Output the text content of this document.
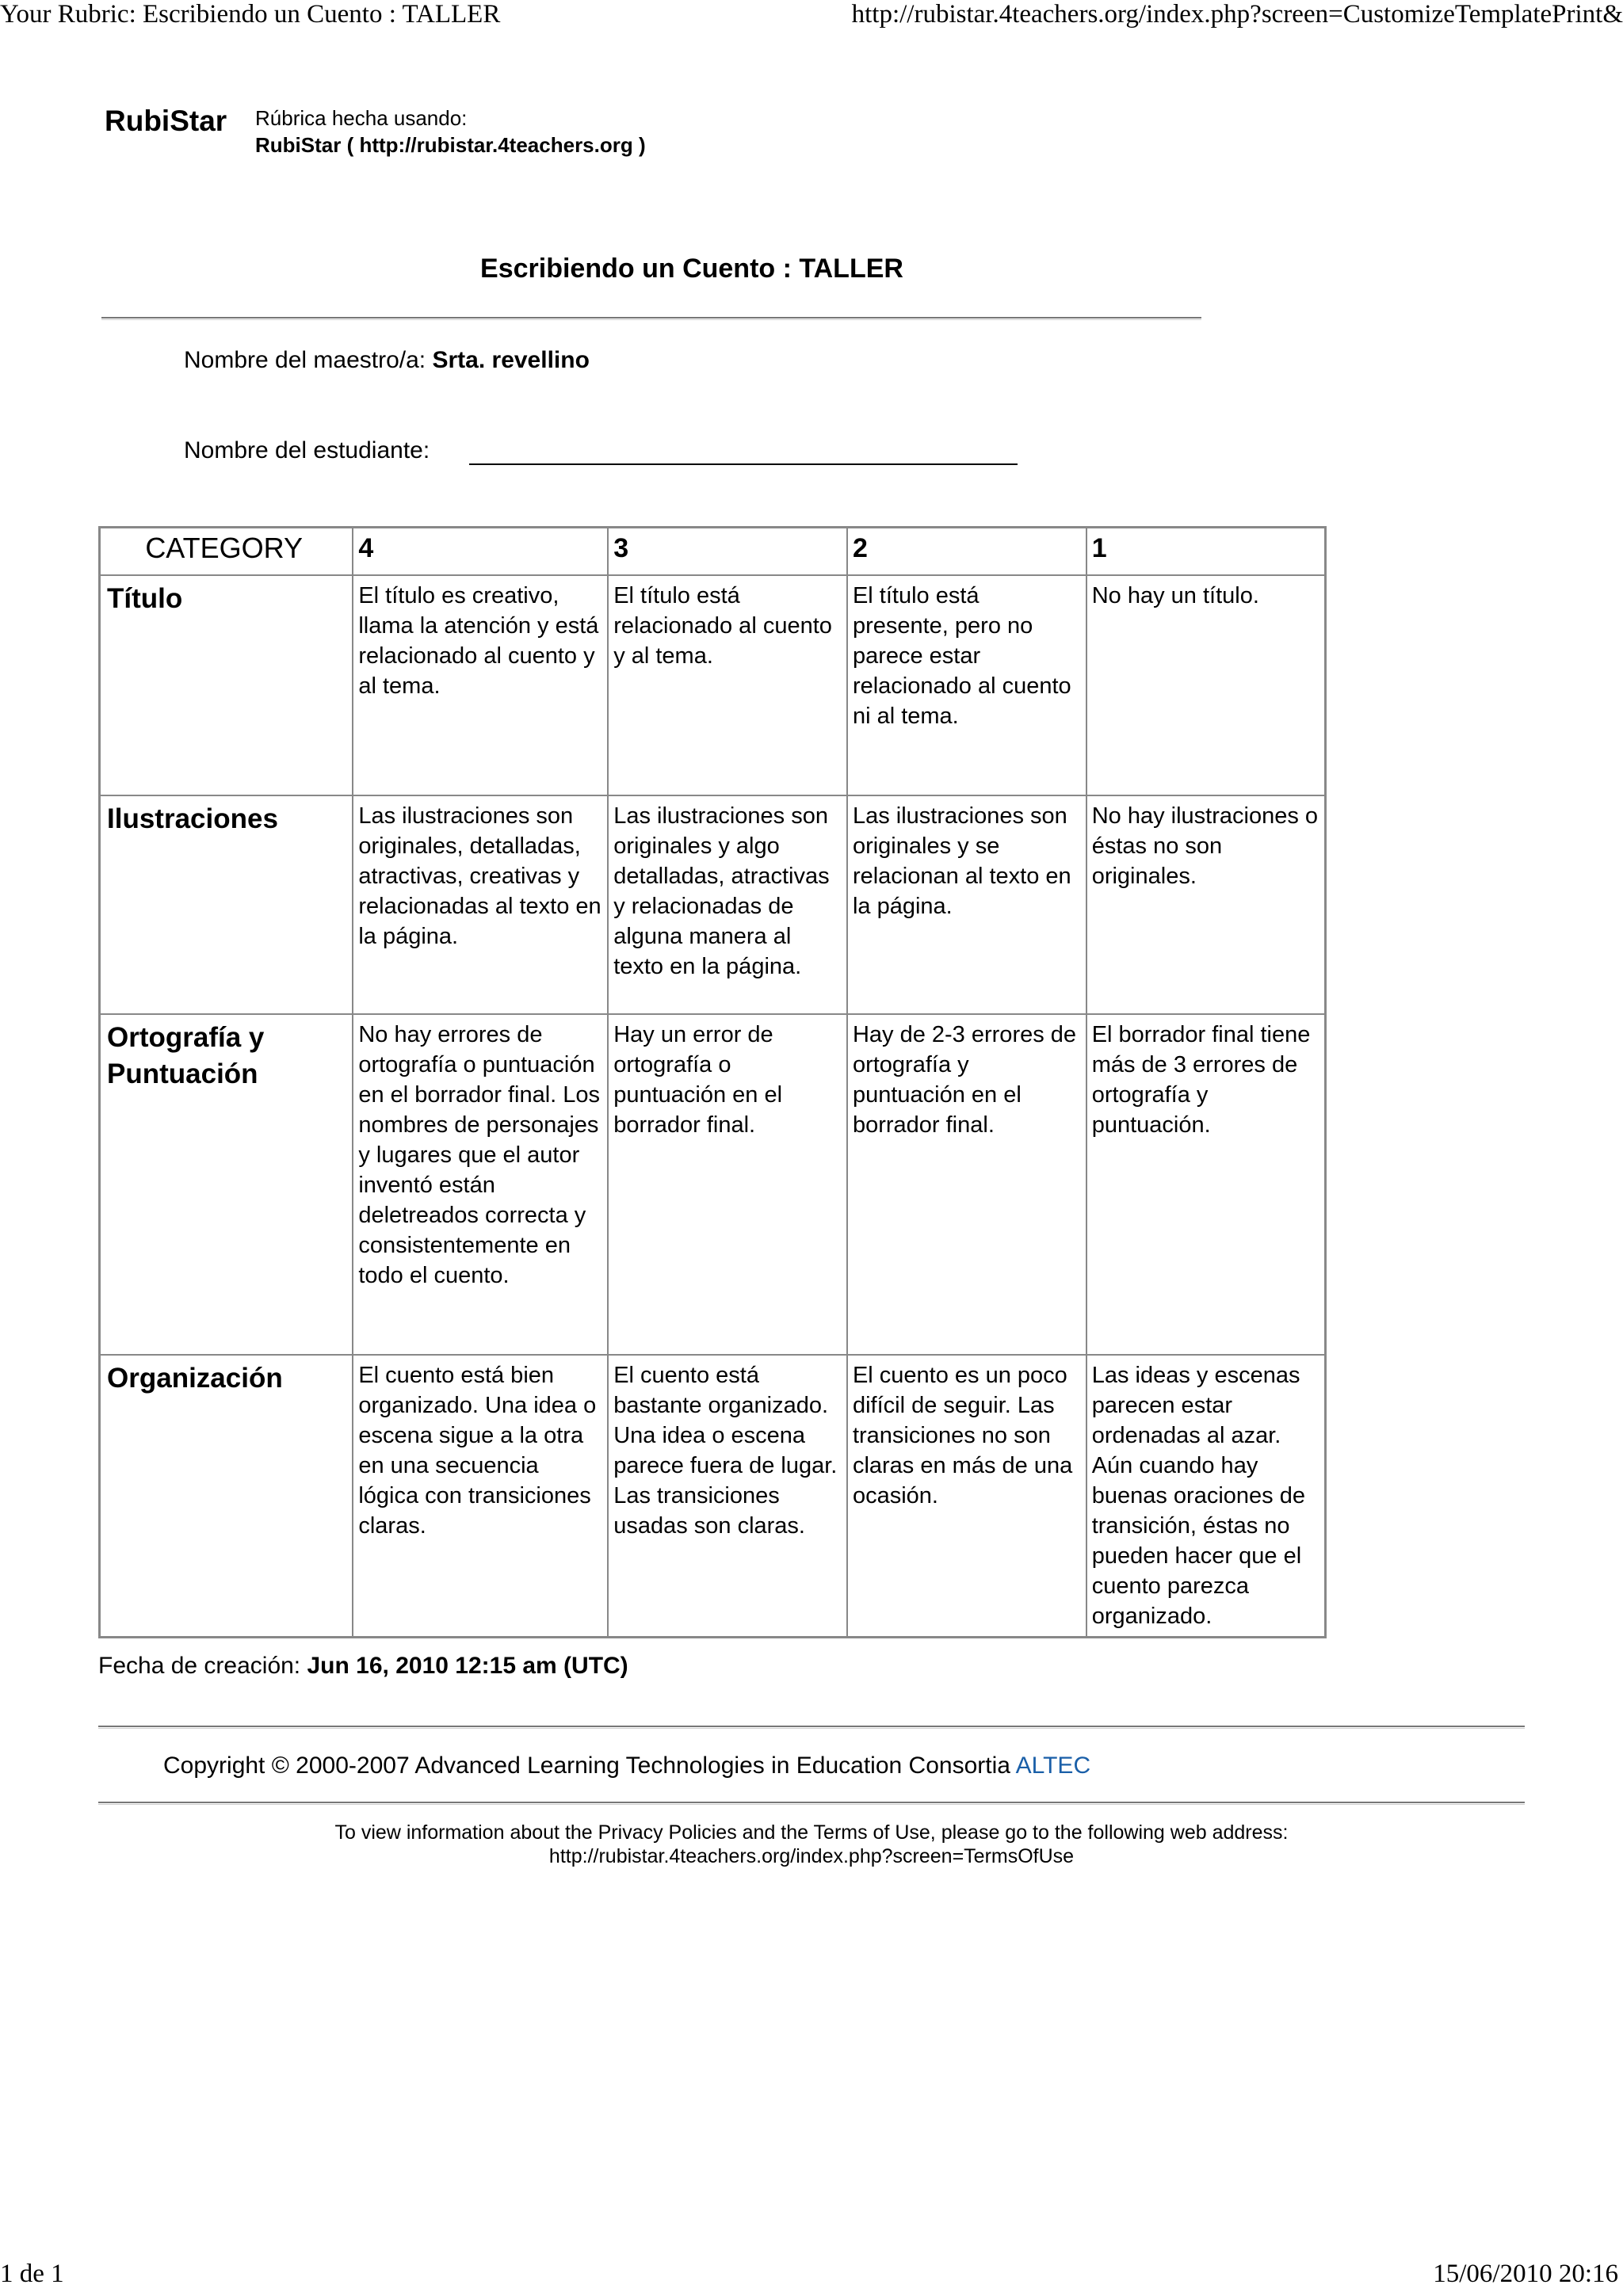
Your Rubric: Escribiendo un Cuento : TALLER	http://rubistar.4teachers.org/index.php?screen=CustomizeTemplatePrint&
RubiStar Rúbrica hecha usando:
RubiStar ( http://rubistar.4teachers.org )
Escribiendo un Cuento : TALLER
Nombre del maestro/a: Srta. revellino
Nombre del estudiante:
CATEGORY	4	3	2	1
Título	El título es creativo, llama la atención y está relacionado al cuento y al tema.	El título está relacionado al cuento y al tema.	El título está presente, pero no parece estar relacionado al cuento ni al tema.	No hay un título.
Ilustraciones	Las ilustraciones son originales, detalladas, atractivas, creativas y relacionadas al texto en la página.	Las ilustraciones son originales y algo detalladas, atractivas y relacionadas de alguna manera al texto en la página.	Las ilustraciones son originales y se relacionan al texto en la página.	No hay ilustraciones o éstas no son originales.
Ortografía y Puntuación	No hay errores de ortografía o puntuación en el borrador final. Los nombres de personajes y lugares que el autor inventó están deletreados correcta y consistentemente en todo el cuento.	Hay un error de ortografía o puntuación en el borrador final.	Hay de 2-3 errores de ortografía y puntuación en el borrador final.	El borrador final tiene más de 3 errores de ortografía y puntuación.
Organización	El cuento está bien organizado. Una idea o escena sigue a la otra en una secuencia lógica con transiciones claras.	El cuento está bastante organizado. Una idea o escena parece fuera de lugar. Las transiciones usadas son claras.	El cuento es un poco difícil de seguir. Las transiciones no son claras en más de una ocasión.	Las ideas y escenas parecen estar ordenadas al azar. Aún cuando hay buenas oraciones de transición, éstas no pueden hacer que el cuento parezca organizado.
Fecha de creación: Jun 16, 2010 12:15 am (UTC)
Copyright © 2000-2007 Advanced Learning Technologies in Education Consortia ALTEC
To view information about the Privacy Policies and the Terms of Use, please go to the following web address:
http://rubistar.4teachers.org/index.php?screen=TermsOfUse
1 de 1	15/06/2010 20:16
